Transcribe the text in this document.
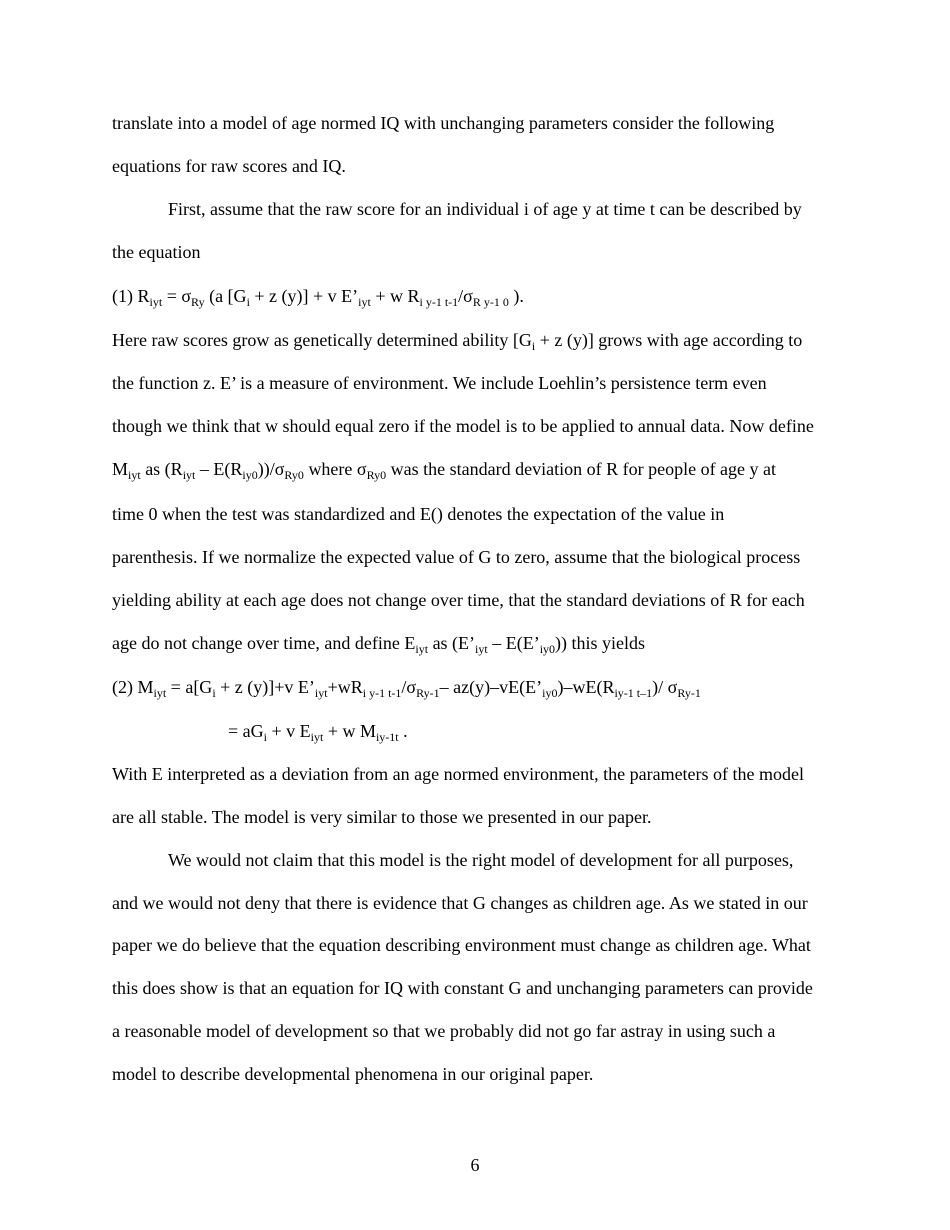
translate into a model of age normed IQ with unchanging parameters consider the following
equations for raw scores and IQ.
First, assume that the raw score for an individual i of age y at time t can be described by
the equation
(1) $R_{iyt} = \sigma_{Ry}$ (a [$G_i + z$ (y)] + v $E’_{iyt} + w$ $R_{i y-1 t-1}/\sigma_{R y-1 0}$ ).
Here raw scores grow as genetically determined ability [$G_i + z$ (y)] grows with age according to
the function z. E’ is a measure of environment. We include Loehlin’s persistence term even
though we think that w should equal zero if the model is to be applied to annual data. Now define
$M_{iyt}$ as $(R_{iyt} - E(R_{iy0}))/\sigma_{Ry0}$ where $\sigma_{Ry0}$ was the standard deviation of R for people of age y at
time 0 when the test was standardized and E() denotes the expectation of the value in
parenthesis. If we normalize the expected value of G to zero, assume that the biological process
yielding ability at each age does not change over time, that the standard deviations of R for each
age do not change over time, and define $E_{iyt}$ as ($E’_{iyt}$ – $E(E’_{iy0})$) this yields
(2) $M_{iyt} = a[G_i + z$ (y)]+v $E’_{iyt}+wR_{i y-1 t-1}/\sigma_{Ry-1}-$ $az(y)-vE(E’_{iy0})-wE(R_{iy-1 t-1})/$ $\sigma_{Ry-1}$
= $aG_i + v$ $E_{iyt} + w$ $M_{iy-1t}$ .
With E interpreted as a deviation from an age normed environment, the parameters of the model
are all stable. The model is very similar to those we presented in our paper.
We would not claim that this model is the right model of development for all purposes,
and we would not deny that there is evidence that G changes as children age. As we stated in our
paper we do believe that the equation describing environment must change as children age. What
this does show is that an equation for IQ with constant G and unchanging parameters can provide
a reasonable model of development so that we probably did not go far astray in using such a
model to describe developmental phenomena in our original paper.
6
